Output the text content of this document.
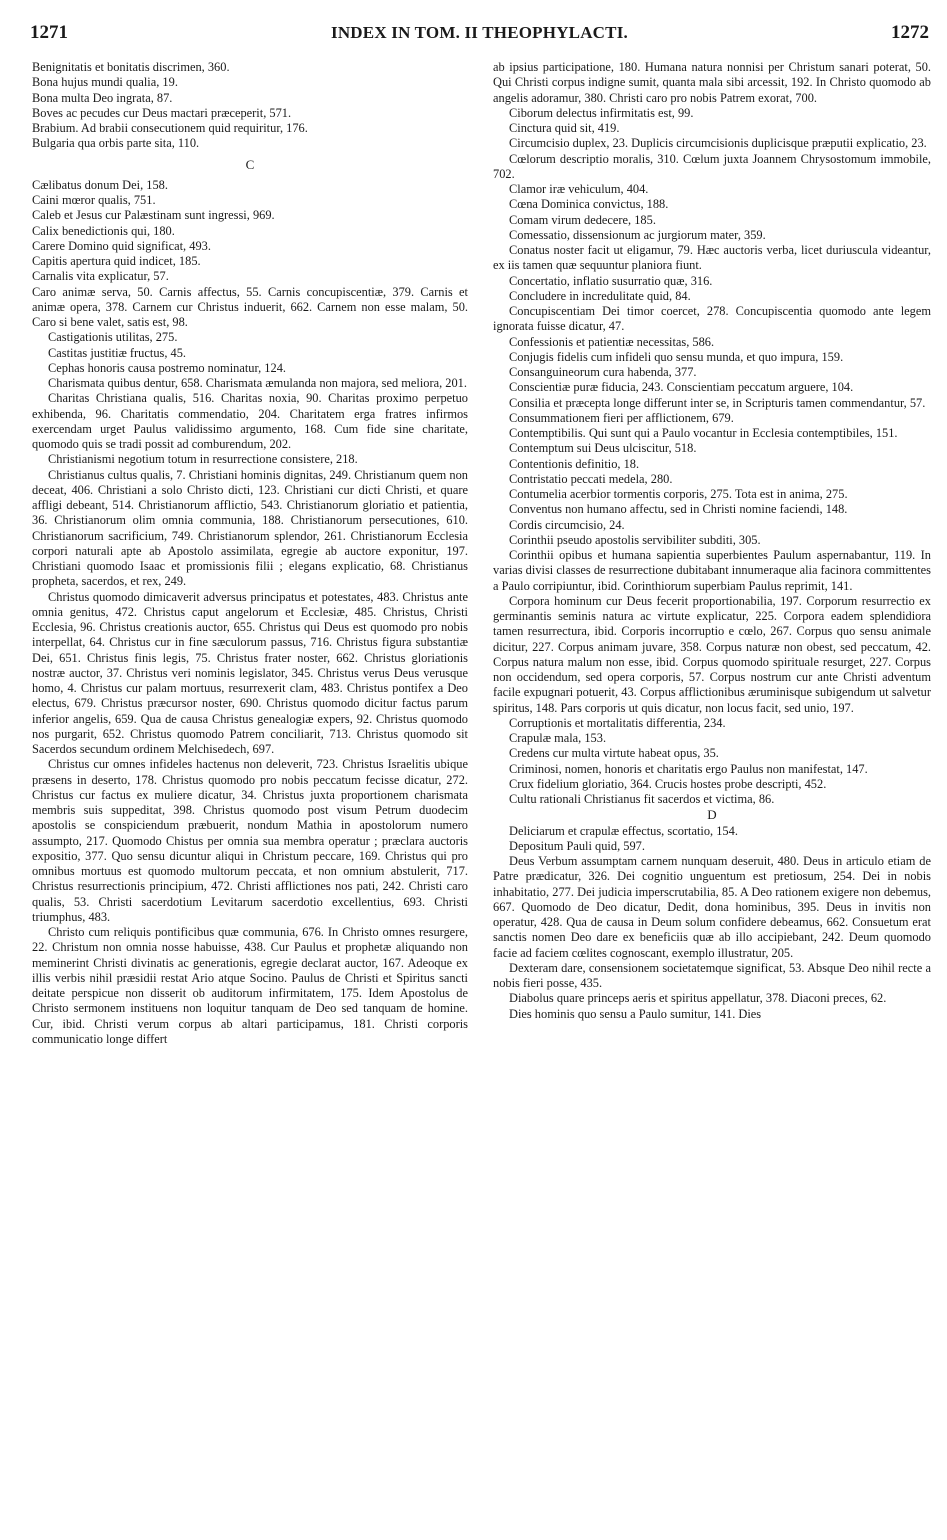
1271	INDEX IN TOM. II THEOPHYLACTI.	1272

Benignitatis et bonitatis discrimen, 360.

Bona hujus mundi qualia, 19.

Bona multa Deo ingrata, 87.

Boves ac pecudes cur Deus mactari præceperit, 571.

Brabium. Ad brabii consecutionem quid requiritur, 176.

Bulgaria qua orbis parte sita, 110.

C

Cælibatus donum Dei, 158.

Caini mœror qualis, 751.

Caleb et Jesus cur Palæstinam sunt ingressi, 969.

Calix benedictionis qui, 180.

Carere Domino quid significat, 493.

Capitis apertura quid indicet, 185.

Carnalis vita explicatur, 57.

Caro animæ serva, 50. Carnis affectus, 55. Carnis concupiscentiæ, 379. Carnis et animæ opera, 378. Carnem cur Christus induerit, 662. Carnem non esse malam, 50. Caro si bene valet, satis est, 98.

Castigationis utilitas, 275.

Castitas justitiæ fructus, 45.

Cephas honoris causa postremo nominatur, 124.

Charismata quibus dentur, 658. Charismata æmulanda non majora, sed meliora, 201.

Charitas Christiana qualis, 516. Charitas noxia, 90. Charitas proximo perpetuo exhibenda, 96. Charitatis commendatio, 204. Charitatem erga fratres infirmos exercendam urget Paulus validissimo argumento, 168. Cum fide sine charitate, quomodo quis se tradi possit ad comburendum, 202.

Christianismi negotium totum in resurrectione consistere, 218.

Christianus cultus qualis, 7. Christiani hominis dignitas, 249. Christianum quem non deceat, 406. Christiani a solo Christo dicti, 123. Christiani cur dicti Christi, et quare affligi debeant, 514. Christianorum afflictio, 543. Christianorum gloriatio et patientia, 36. Christianorum olim omnia communia, 188. Christianorum persecutiones, 610. Christianorum sacrificium, 749. Christianorum splendor, 261. Christianorum Ecclesia corpori naturali apte ab Apostolo assimilata, egregie ab auctore exponitur, 197. Christiani quomodo Isaac et promissionis filii ; elegans explicatio, 68. Christianus propheta, sacerdos, et rex, 249.

Christus quomodo dimicaverit adversus principatus et potestates, 483. Christus ante omnia genitus, 472. Christus caput angelorum et Ecclesiæ, 485. Christus, Christi Ecclesia, 96. Christus creationis auctor, 655. Christus qui Deus est quomodo pro nobis interpellat, 64. Christus cur in fine sæculorum passus, 716. Christus figura substantiæ Dei, 651. Christus finis legis, 75. Christus frater noster, 662. Christus gloriationis nostræ auctor, 37. Christus veri nominis legislator, 345. Christus verus Deus verusque homo, 4. Christus cur palam mortuus, resurrexerit clam, 483. Christus pontifex a Deo electus, 679. Christus præcursor noster, 690. Christus quomodo dicitur factus parum inferior angelis, 659. Qua de causa Christus genealogiæ expers, 92. Christus quomodo nos purgarit, 652. Christus quomodo Patrem conciliarit, 713. Christus quomodo sit Sacerdos secundum ordinem Melchisedech, 697.

Christus cur omnes infideles hactenus non deleverit, 723. Christus Israelitis ubique præsens in deserto, 178. Christus quomodo pro nobis peccatum fecisse dicatur, 272. Christus cur factus ex muliere dicatur, 34. Christus juxta proportionem charismata membris suis suppeditat, 398. Christus quomodo post visum Petrum duodecim apostolis se conspiciendum præbuerit, nondum Mathia in apostolorum numero assumpto, 217. Quomodo Chistus per omnia sua membra operatur ; præclara auctoris expositio, 377. Quo sensu dicuntur aliqui in Christum peccare, 169. Christus qui pro omnibus mortuus est quomodo multorum peccata, et non omnium abstulerit, 717. Christus resurrectionis principium, 472. Christi afflictiones nos pati, 242. Christi caro qualis, 53. Christi sacerdotium Levitarum sacerdotio excellentius, 693. Christi triumphus, 483.

Christo cum reliquis pontificibus quæ communia, 676. In Christo omnes resurgere, 22. Christum non omnia nosse habuisse, 438. Cur Paulus et prophetæ aliquando non meminerint Christi divinatis ac generationis, egregie declarat auctor, 167. Adeoque ex illis verbis nihil præsidii restat Ario atque Socino. Paulus de Christi et Spiritus sancti deitate perspicue non disserit ob auditorum infirmitatem, 175. Idem Apostolus de Christo sermonem instituens non loquitur tanquam de Deo sed tanquam de homine. Cur, ibid. Christi verum corpus ab altari participamus, 181. Christi corporis communicatio longe differt

ab ipsius participatione, 180. Humana natura nonnisi per Christum sanari poterat, 50. Qui Christi corpus indigne sumit, quanta mala sibi arcessit, 192. In Christo quomodo ab angelis adoramur, 380. Christi caro pro nobis Patrem exorat, 700.

Ciborum delectus infirmitatis est, 99.

Cinctura quid sit, 419.

Circumcisio duplex, 23. Duplicis circumcisionis duplicisque præputii explicatio, 23.

Cœlorum descriptio moralis, 310. Cœlum juxta Joannem Chrysostomum immobile, 702.

Clamor iræ vehiculum, 404.

Cœna Dominica convictus, 188.

Comam virum dedecere, 185.

Comessatio, dissensionum ac jurgiorum mater, 359.

Conatus noster facit ut eligamur, 79. Hæc auctoris verba, licet duriuscula videantur, ex iis tamen quæ sequuntur planiora fiunt.

Concertatio, inflatio susurratio quæ, 316.

Concludere in incredulitate quid, 84.

Concupiscentiam Dei timor coercet, 278. Concupiscentia quomodo ante legem ignorata fuisse dicatur, 47.

Confessionis et patientiæ necessitas, 586.

Conjugis fidelis cum infideli quo sensu munda, et quo impura, 159.

Consanguineorum cura habenda, 377.

Conscientiæ puræ fiducia, 243. Conscientiam peccatum arguere, 104.

Consilia et præcepta longe differunt inter se, in Scripturis tamen commendantur, 57.

Consummationem fieri per afflictionem, 679.

Contemptibilis. Qui sunt qui a Paulo vocantur in Ecclesia contemptibiles, 151.

Contemptum sui Deus ulciscitur, 518.

Contentionis definitio, 18.

Contristatio peccati medela, 280.

Contumelia acerbior tormentis corporis, 275. Tota est in anima, 275.

Conventus non humano affectu, sed in Christi nomine faciendi, 148.

Cordis circumcisio, 24.

Corinthii pseudo apostolis servibiliter subditi, 305.

Corinthii opibus et humana sapientia superbientes Paulum aspernabantur, 119. In varias divisi classes de resurrectione dubitabant innumeraque alia facinora committentes a Paulo corripiuntur, ibid. Corinthiorum superbiam Paulus reprimit, 141.

Corpora hominum cur Deus fecerit proportionabilia, 197. Corporum resurrectio ex germinantis seminis natura ac virtute explicatur, 225. Corpora eadem splendidiora tamen resurrectura, ibid. Corporis incorruptio e cœlo, 267. Corpus quo sensu animale dicitur, 227. Corpus animam juvare, 358. Corpus naturæ non obest, sed peccatum, 42. Corpus natura malum non esse, ibid. Corpus quomodo spirituale resurget, 227. Corpus non occidendum, sed opera corporis, 57. Corpus nostrum cur ante Christi adventum facile expugnari potuerit, 43. Corpus afflictionibus æruminisque subigendum ut salvetur spiritus, 148. Pars corporis ut quis dicatur, non locus facit, sed unio, 197.

Corruptionis et mortalitatis differentia, 234.

Crapulæ mala, 153.

Credens cur multa virtute habeat opus, 35.

Criminosi, nomen, honoris et charitatis ergo Paulus non manifestat, 147.

Crux fidelium gloriatio, 364. Crucis hostes probe descripti, 452.

Cultu rationali Christianus fit sacerdos et victima, 86.

D

Deliciarum et crapulæ effectus, scortatio, 154.

Depositum Pauli quid, 597.

Deus Verbum assumptam carnem nunquam deseruit, 480. Deus in articulo etiam de Patre prædicatur, 326. Dei cognitio unguentum est pretiosum, 254. Dei in nobis inhabitatio, 277. Dei judicia imperscrutabilia, 85. A Deo rationem exigere non debemus, 667. Quomodo de Deo dicatur, Dedit, dona hominibus, 395. Deus in invitis non operatur, 428. Qua de causa in Deum solum confidere debeamus, 662. Consuetum erat sanctis nomen Deo dare ex beneficiis quæ ab illo accipiebant, 242. Deum quomodo facie ad faciem cœlites cognoscant, exemplo illustratur, 205.

Dexteram dare, consensionem societatemque significat, 53. Absque Deo nihil recte a nobis fieri posse, 435.

Diabolus quare princeps aeris et spiritus appellatur, 378. Diaconi preces, 62.

Dies hominis quo sensu a Paulo sumitur, 141. Dies
